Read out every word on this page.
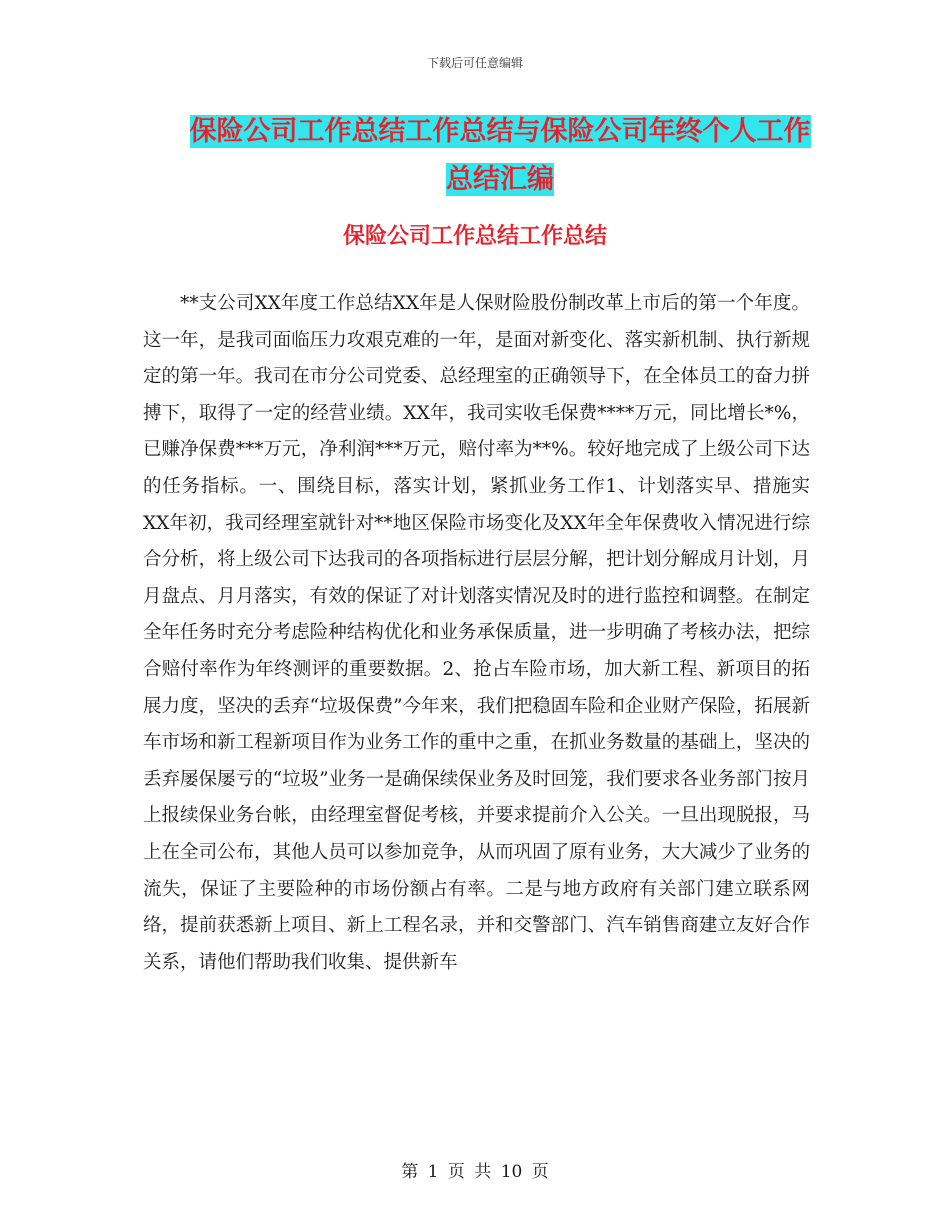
下载后可任意编辑
保险公司工作总结工作总结与保险公司年终个人工作
总结汇编
保险公司工作总结工作总结

**支公司XX年度工作总结XX年是人保财险股份制改革上市后的第一个年度。这一年，是我司面临压力攻艰克难的一年，是面对新变化、落实新机制、执行新规定的第一年。我司在市分公司党委、总经理室的正确领导下，在全体员工的奋力拼搏下，取得了一定的经营业绩。XX年，我司实收毛保费****万元，同比增长*%，已赚净保费***万元，净利润***万元，赔付率为**%。较好地完成了上级公司下达的任务指标。一、围绕目标，落实计划，紧抓业务工作1、计划落实早、措施实XX年初，我司经理室就针对**地区保险市场变化及XX年全年保费收入情况进行综合分析，将上级公司下达我司的各项指标进行层层分解，把计划分解成月计划，月月盘点、月月落实，有效的保证了对计划落实情况及时的进行监控和调整。在制定全年任务时充分考虑险种结构优化和业务承保质量，进一步明确了考核办法，把综合赔付率作为年终测评的重要数据。2、抢占车险市场，加大新工程、新项目的拓展力度，坚决的丢弃“垃圾保费”今年来，我们把稳固车险和企业财产保险，拓展新车市场和新工程新项目作为业务工作的重中之重，在抓业务数量的基础上，坚决的丢弃屡保屡亏的“垃圾”业务一是确保续保业务及时回笼，我们要求各业务部门按月上报续保业务台帐，由经理室督促考核，并要求提前介入公关。一旦出现脱报，马上在全司公布，其他人员可以参加竞争，从而巩固了原有业务，大大减少了业务的流失，保证了主要险种的市场份额占有率。二是与地方政府有关部门建立联系网络，提前获悉新上项目、新上工程名录，并和交警部门、汽车销售商建立友好合作关系，请他们帮助我们收集、提供新车

第 1 页 共 10 页
